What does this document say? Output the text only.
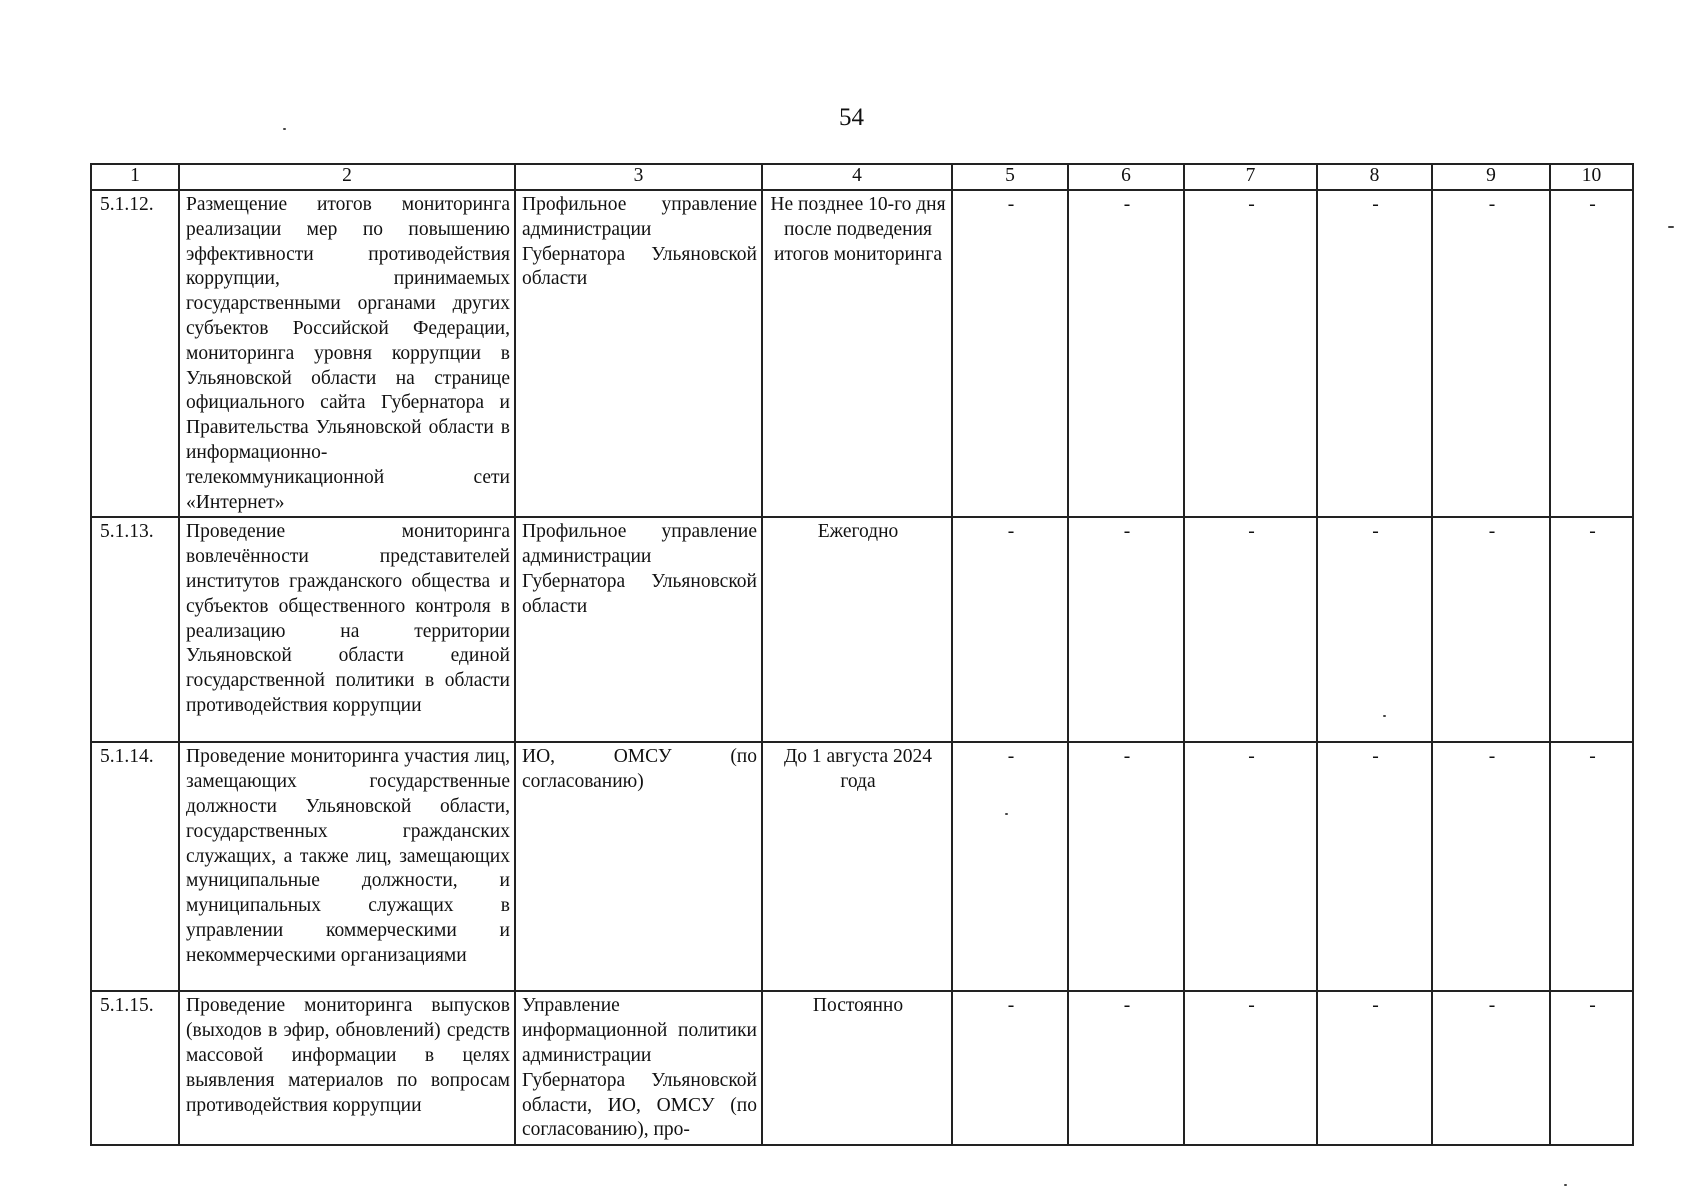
54
1	2	3	4	5	6	7	8	9	10
5.1.12.	Размещение итогов мониторинга реализации мер по повышению эффективности противодействия коррупции, принимаемых государственными органами других субъектов Российской Федерации, мониторинга уровня коррупции в Ульяновской области на странице официального сайта Губернатора и Правительства Ульяновской области в информационно-телекоммуникационной сети «Интернет»	Профильное управление администрации Губернатора Ульяновской области	Не позднее 10-го дня после подведения итогов мониторинга	-	-	-	-	-	-
5.1.13.	Проведение мониторинга вовлечённости представителей институтов гражданского общества и субъектов общественного контроля в реализацию на территории Ульяновской области единой государственной политики в области противодействия коррупции	Профильное управление администрации Губернатора Ульяновской области	Ежегодно	-	-	-	-	-	-
5.1.14.	Проведение мониторинга участия лиц, замещающих государственные должности Ульяновской области, государственных гражданских служащих, а также лиц, замещающих муниципальные должности, и муниципальных служащих в управлении коммерческими и некоммерческими организациями	ИО, ОМСУ (по согласованию)	До 1 августа 2024 года	-	-	-	-	-	-
5.1.15.	Проведение мониторинга выпусков (выходов в эфир, обновлений) средств массовой информации в целях выявления материалов по вопросам противодействия коррупции	Управление информационной политики администрации Губернатора Ульяновской области, ИО, ОМСУ (по согласованию), про-	Постоянно	-	-	-	-	-	-
